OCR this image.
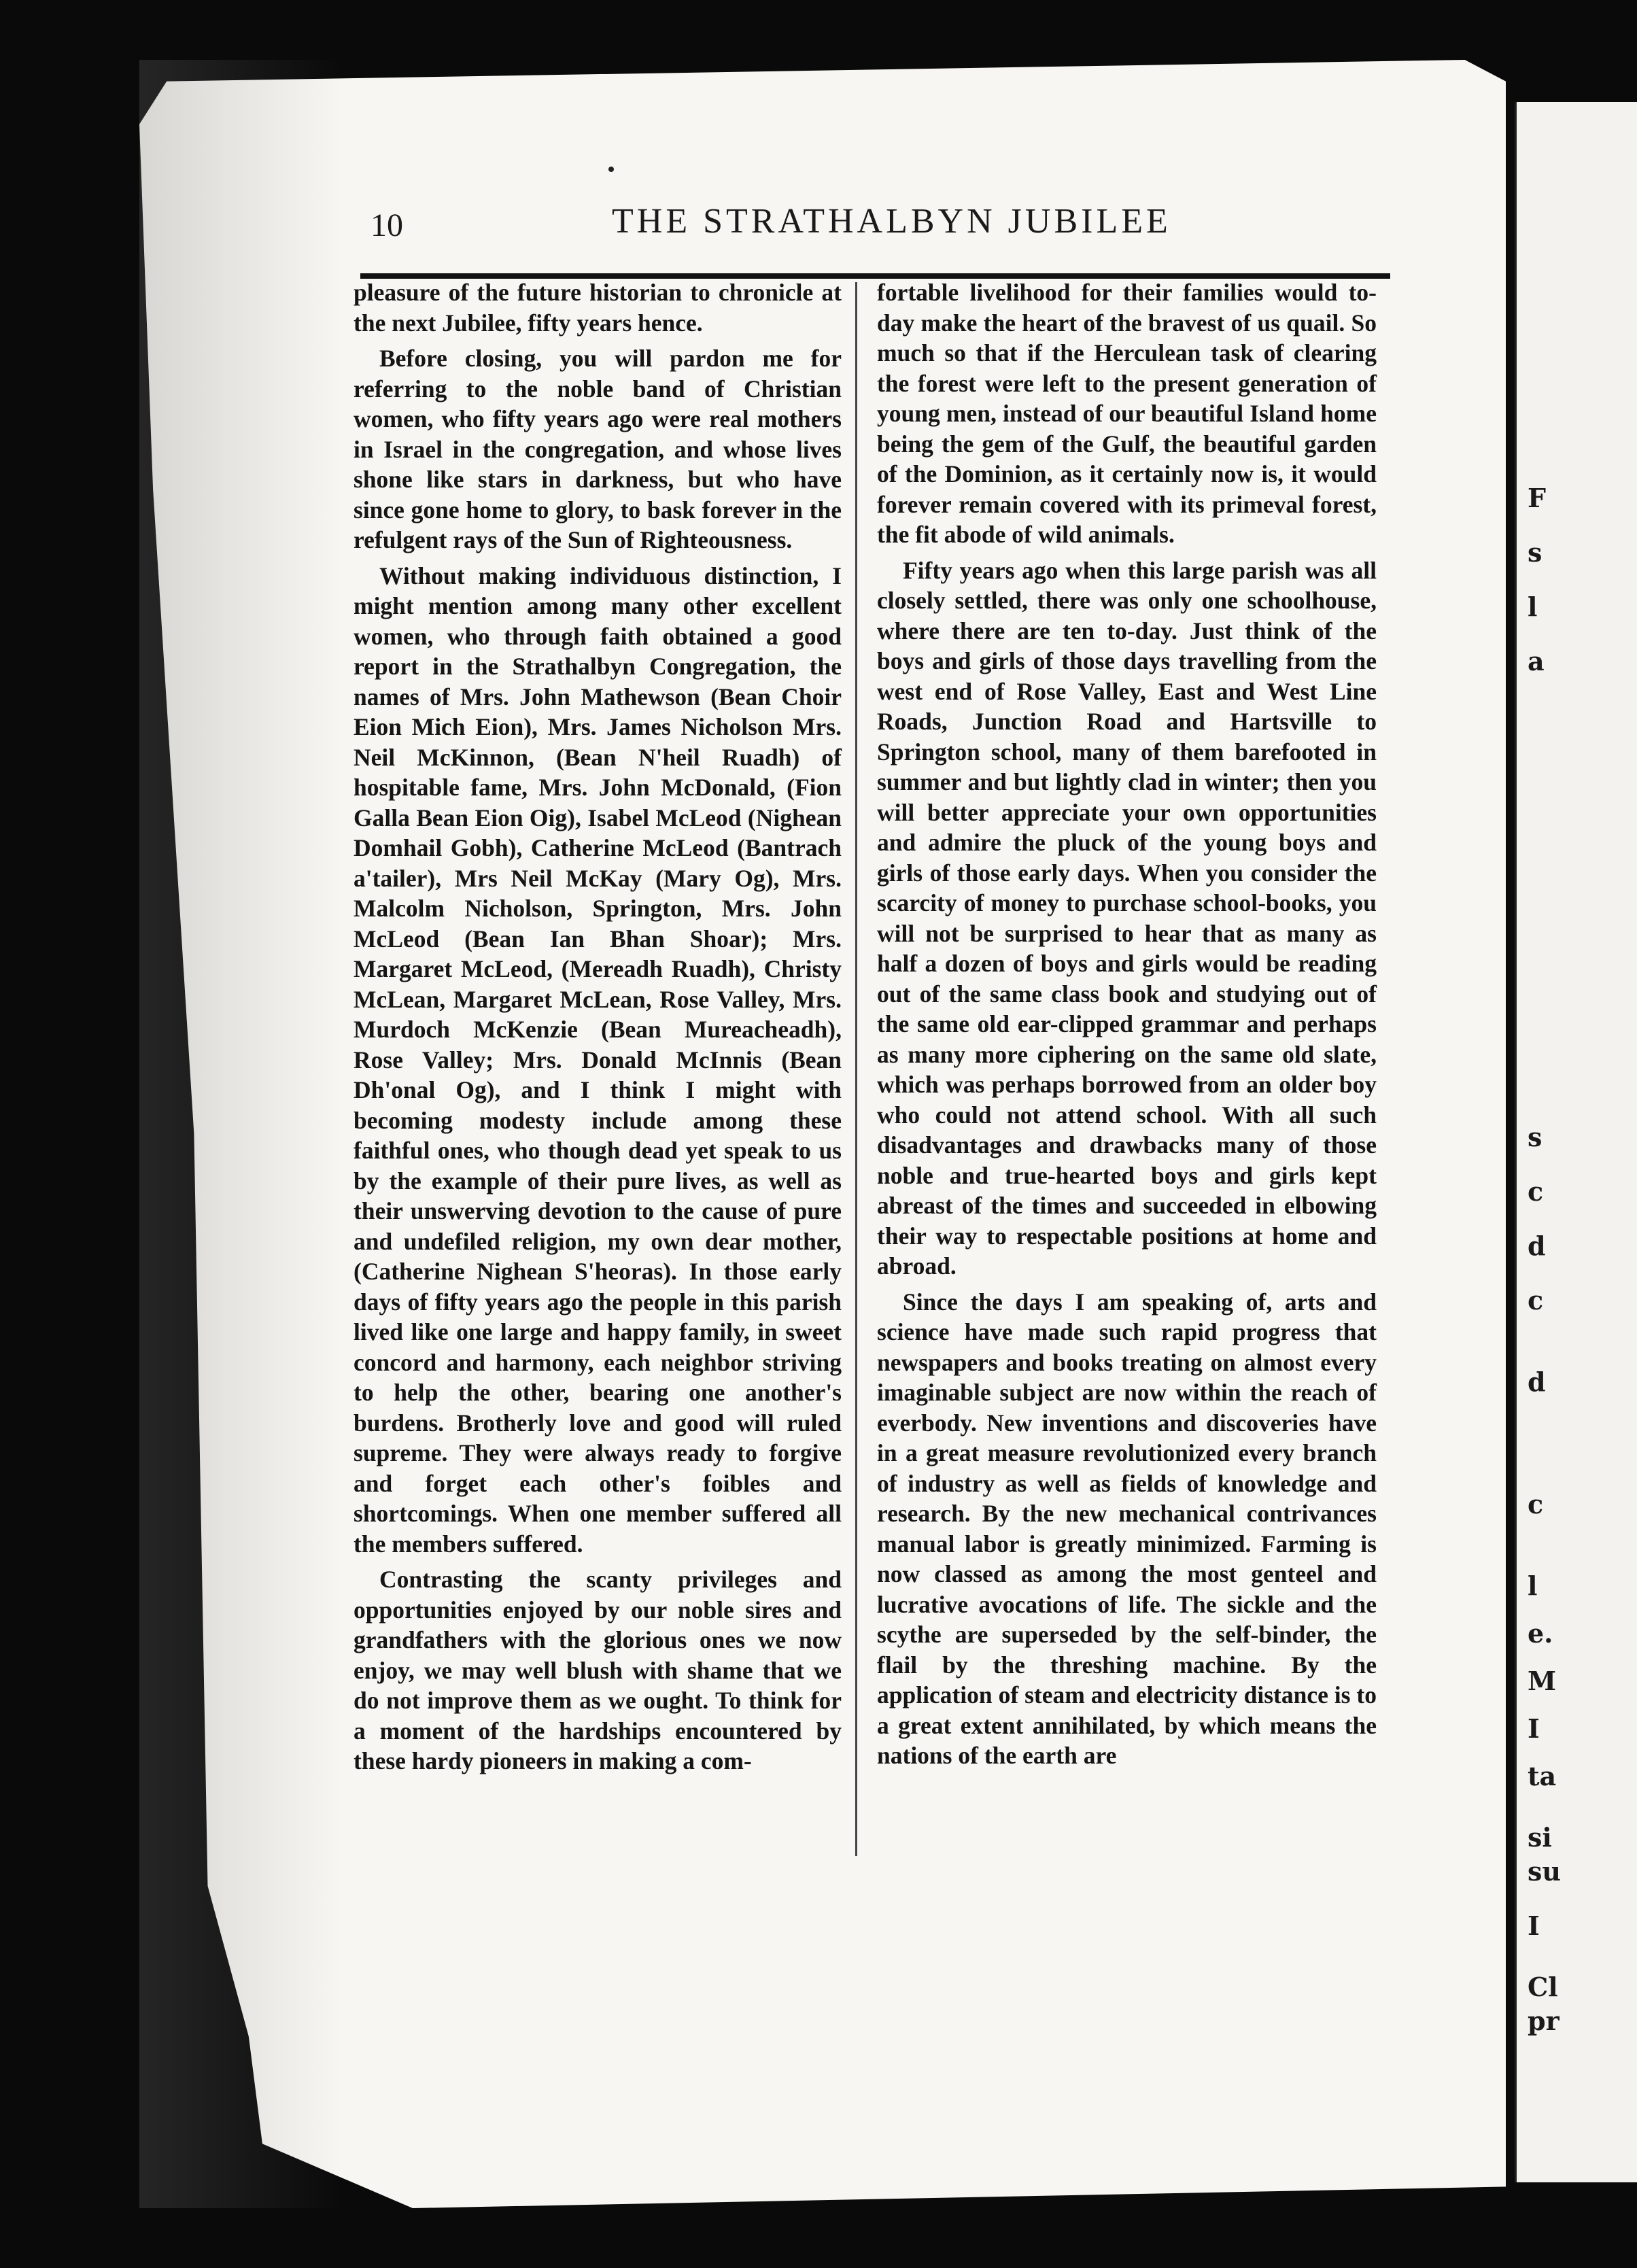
F
s
l
a
s
c
d
c
d
c
l
e.
M
I
ta
si
su
I
Cl
pr
10	THE STRATHALBYN JUBILEE

pleasure of the future historian to chronicle at the next Jubilee, fifty years hence.

Before closing, you will pardon me for referring to the noble band of Christian women, who fifty years ago were real mothers in Israel in the congregation, and whose lives shone like stars in darkness, but who have since gone home to glory, to bask forever in the refulgent rays of the Sun of Righteousness.

Without making individuous distinction, I might mention among many other excellent women, who through faith obtained a good report in the Strathalbyn Congregation, the names of Mrs. John Mathewson (Bean Choir Eion Mich Eion), Mrs. James Nicholson Mrs. Neil McKinnon, (Bean N'heil Ruadh) of hospitable fame, Mrs. John McDonald, (Fion Galla Bean Eion Oig), Isabel McLeod (Nighean Domhail Gobh), Catherine McLeod (Bantrach a'tailer), Mrs Neil McKay (Mary Og), Mrs. Malcolm Nicholson, Springton, Mrs. John McLeod (Bean Ian Bhan Shoar); Mrs. Margaret McLeod, (Mereadh Ruadh), Christy McLean, Margaret McLean, Rose Valley, Mrs. Murdoch McKenzie (Bean Mureacheadh), Rose Valley; Mrs. Donald McInnis (Bean Dh'onal Og), and I think I might with becoming modesty include among these faithful ones, who though dead yet speak to us by the example of their pure lives, as well as their unswerving devotion to the cause of pure and undefiled religion, my own dear mother, (Catherine Nighean S'heoras). In those early days of fifty years ago the people in this parish lived like one large and happy family, in sweet concord and harmony, each neighbor striving to help the other, bearing one another's burdens. Brotherly love and good will ruled supreme. They were always ready to forgive and forget each other's foibles and shortcomings. When one member suffered all the members suffered.

Contrasting the scanty privileges and opportunities enjoyed by our noble sires and grandfathers with the glorious ones we now enjoy, we may well blush with shame that we do not improve them as we ought. To think for a moment of the hardships encountered by these hardy pioneers in making a com-

fortable livelihood for their families would to-day make the heart of the bravest of us quail. So much so that if the Herculean task of clearing the forest were left to the present generation of young men, instead of our beautiful Island home being the gem of the Gulf, the beautiful garden of the Dominion, as it certainly now is, it would forever remain covered with its primeval forest, the fit abode of wild animals.

Fifty years ago when this large parish was all closely settled, there was only one schoolhouse, where there are ten to-day. Just think of the boys and girls of those days travelling from the west end of Rose Valley, East and West Line Roads, Junction Road and Hartsville to Springton school, many of them barefooted in summer and but lightly clad in winter; then you will better appreciate your own opportunities and admire the pluck of the young boys and girls of those early days. When you consider the scarcity of money to purchase school-books, you will not be surprised to hear that as many as half a dozen of boys and girls would be reading out of the same class book and studying out of the same old ear-clipped grammar and perhaps as many more ciphering on the same old slate, which was perhaps borrowed from an older boy who could not attend school. With all such disadvantages and drawbacks many of those noble and true-hearted boys and girls kept abreast of the times and succeeded in elbowing their way to respectable positions at home and abroad.

Since the days I am speaking of, arts and science have made such rapid progress that newspapers and books treating on almost every imaginable subject are now within the reach of everbody. New inventions and discoveries have in a great measure revolutionized every branch of industry as well as fields of knowledge and research. By the new mechanical contrivances manual labor is greatly minimized. Farming is now classed as among the most genteel and lucrative avocations of life. The sickle and the scythe are superseded by the self-binder, the flail by the threshing machine. By the application of steam and electricity distance is to a great extent annihilated, by which means the nations of the earth are
